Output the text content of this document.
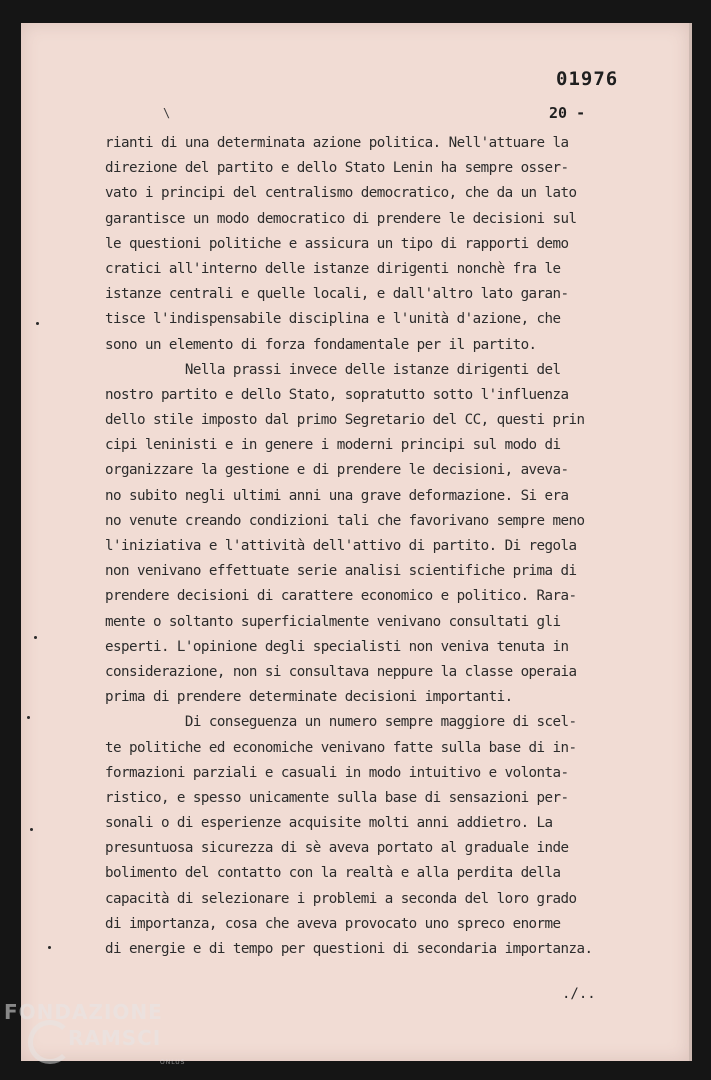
01976
20 -
\
rianti di una determinata azione politica. Nell'attuare la
direzione del partito e dello Stato Lenin ha sempre osser-
vato i principi del centralismo democratico, che da un lato
garantisce un modo democratico di prendere le decisioni sul
le questioni politiche e assicura un tipo di rapporti demo
cratici all'interno delle istanze dirigenti nonchè fra le
istanze centrali e quelle locali, e dall'altro lato garan-
tisce l'indispensabile disciplina e l'unità d'azione, che
sono un elemento di forza fondamentale per il partito.
Nella prassi invece delle istanze dirigenti del
nostro partito e dello Stato, sopratutto sotto l'influenza
dello stile imposto dal primo Segretario del CC, questi prin
cipi leninisti e in genere i moderni principi sul modo di
organizzare la gestione e di prendere le decisioni, aveva-
no subito negli ultimi anni una grave deformazione. Si era
no venute creando condizioni tali che favorivano sempre meno
l'iniziativa e l'attività dell'attivo di partito. Di regola
non venivano effettuate serie analisi scientifiche prima di
prendere decisioni di carattere economico e politico. Rara-
mente o soltanto superficialmente venivano consultati gli
esperti. L'opinione degli specialisti non veniva tenuta in
considerazione, non si consultava neppure la classe operaia
prima di prendere determinate decisioni importanti.
Di conseguenza un numero sempre maggiore di scel-
te politiche ed economiche venivano fatte sulla base di in-
formazioni parziali e casuali in modo intuitivo e volonta-
ristico, e spesso unicamente sulla base di sensazioni per-
sonali o di esperienze acquisite molti anni addietro. La
presuntuosa sicurezza di sè aveva portato al graduale inde
bolimento del contatto con la realtà e alla perdita della
capacità di selezionare i problemi a seconda del loro grado
di importanza, cosa che aveva provocato uno spreco enorme
di energie e di tempo per questioni di secondaria importanza.
./..
FONDAZIONE
RAMSCI
ONLUS
